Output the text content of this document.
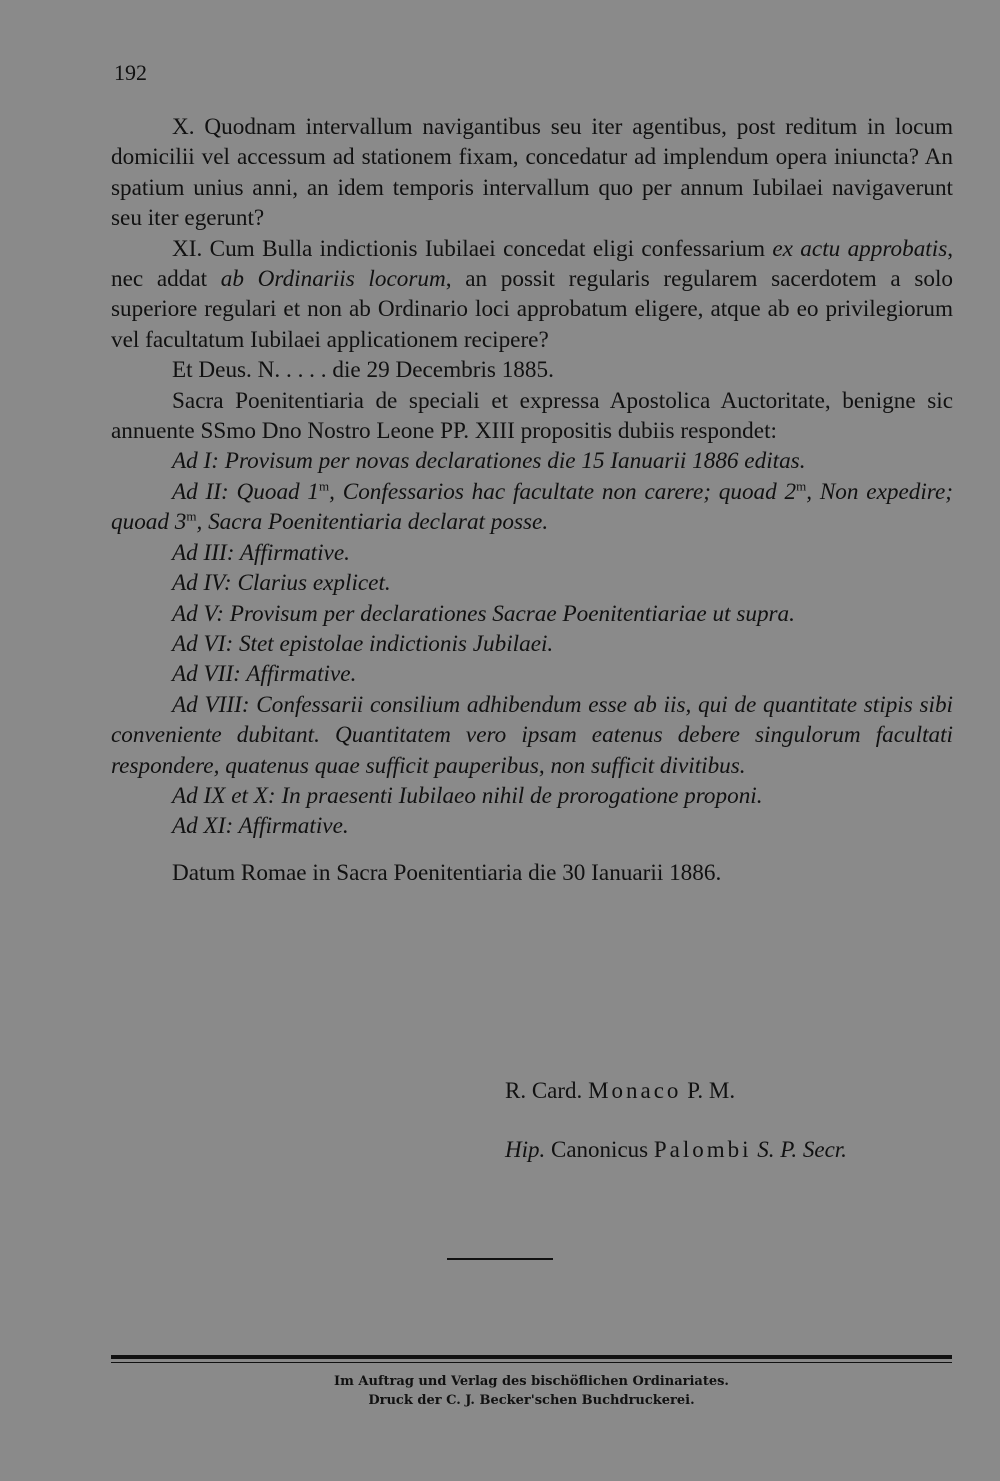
192

X. Quodnam intervallum navigantibus seu iter agentibus, post reditum in locum domicilii vel accessum ad stationem fixam, concedatur ad implendum opera iniuncta? An spatium unius anni, an idem temporis intervallum quo per annum Iubilaei navigaverunt seu iter egerunt?

XI. Cum Bulla indictionis Iubilaei concedat eligi confessarium ex actu approbatis, nec addat ab Ordinariis locorum, an possit regularis regularem sacerdotem a solo superiore regulari et non ab Ordinario loci approbatum eligere, atque ab eo privilegiorum vel facultatum Iubilaei applicationem recipere?

Et Deus. N. . . . . die 29 Decembris 1885.

Sacra Poenitentiaria de speciali et expressa Apostolica Auctoritate, benigne sic annuente SSmo Dno Nostro Leone PP. XIII propositis dubiis respondet:

Ad I: Provisum per novas declarationes die 15 Ianuarii 1886 editas.

Ad II: Quoad 1$^m$, Confessarios hac facultate non carere; quoad 2$^m$, Non expedire; quoad 3$^m$, Sacra Poenitentiaria declarat posse.

Ad III: Affirmative.

Ad IV: Clarius explicet.

Ad V: Provisum per declarationes Sacrae Poenitentiariae ut supra.

Ad VI: Stet epistolae indictionis Jubilaei.

Ad VII: Affirmative.

Ad VIII: Confessarii consilium adhibendum esse ab iis, qui de quantitate stipis sibi conveniente dubitant. Quantitatem vero ipsam eatenus debere singulorum facultati respondere, quatenus quae sufficit pauperibus, non sufficit divitibus.

Ad IX et X: In praesenti Iubilaeo nihil de prorogatione proponi.

Ad XI: Affirmative.

Datum Romae in Sacra Poenitentiaria die 30 Ianuarii 1886.

R. Card. Monaco P. M.
Hip. Canonicus Palombi S. P. Secr.
Im Auftrag und Verlag des bischöflichen Ordinariates.
Druck der C. J. Becker'schen Buchdruckerei.
